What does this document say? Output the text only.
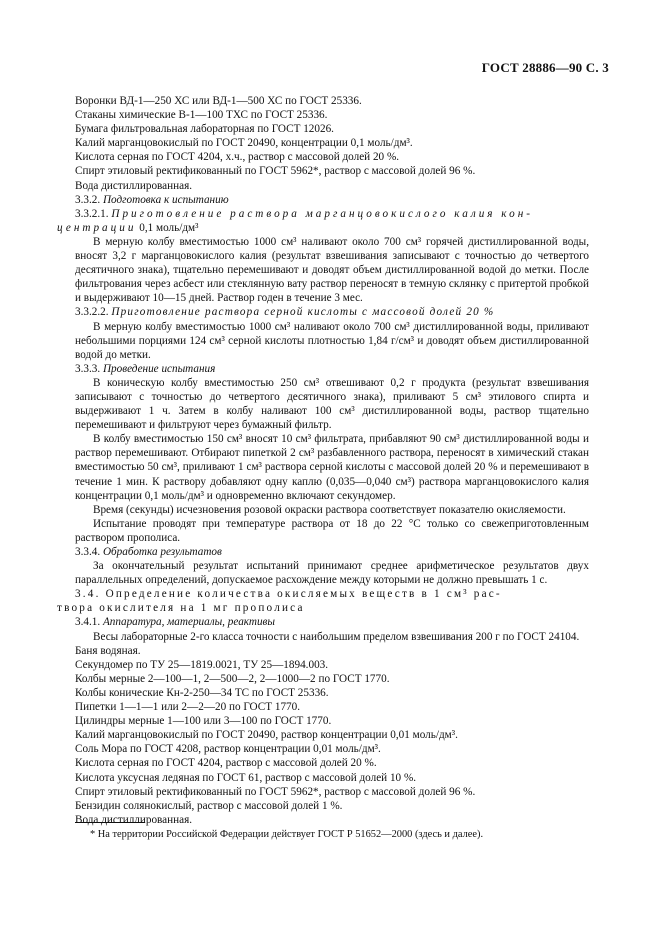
ГОСТ 28886—90 С. 3

Воронки ВД-1—250 ХС или ВД-1—500 ХС по ГОСТ 25336.

Стаканы химические В-1—100 ТХС по ГОСТ 25336.

Бумага фильтровальная лабораторная по ГОСТ 12026.

Калий марганцовокислый по ГОСТ 20490, концентрации 0,1 моль/дм³.

Кислота серная по ГОСТ 4204, х.ч., раствор с массовой долей 20 %.

Спирт этиловый ректификованный по ГОСТ 5962*, раствор с массовой долей 96 %.

Вода дистиллированная.

3.3.2. Подготовка к испытанию

3.3.2.1. Приготовление раствора марганцовокислого калия кон-

центрации 0,1 моль/дм³

В мерную колбу вместимостью 1000 см³ наливают около 700 см³ горячей дистиллированной воды, вносят 3,2 г марганцовокислого калия (результат взвешивания записывают с точностью до четвертого десятичного знака), тщательно перемешивают и доводят объем дистиллированной водой до метки. После фильтрования через асбест или стеклянную вату раствор переносят в темную склянку с притертой пробкой и выдерживают 10—15 дней. Раствор годен в течение 3 мес.

3.3.2.2. Приготовление раствора серной кислоты с массовой долей 20 %

В мерную колбу вместимостью 1000 см³ наливают около 700 см³ дистиллированной воды, приливают небольшими порциями 124 см³ серной кислоты плотностью 1,84 г/см³ и доводят объем дистиллированной водой до метки.

3.3.3. Проведение испытания

В коническую колбу вместимостью 250 см³ отвешивают 0,2 г продукта (результат взвешивания записывают с точностью до четвертого десятичного знака), приливают 5 см³ этилового спирта и выдерживают 1 ч. Затем в колбу наливают 100 см³ дистиллированной воды, раствор тщательно перемешивают и фильтруют через бумажный фильтр.

В колбу вместимостью 150 см³ вносят 10 см³ фильтрата, прибавляют 90 см³ дистиллированной воды и раствор перемешивают. Отбирают пипеткой 2 см³ разбавленного раствора, переносят в химический стакан вместимостью 50 см³, приливают 1 см³ раствора серной кислоты с массовой долей 20 % и перемешивают в течение 1 мин. К раствору добавляют одну каплю (0,035—0,040 см³) раствора марганцовокислого калия концентрации 0,1 моль/дм³ и одновременно включают секундомер.

Время (секунды) исчезновения розовой окраски раствора соответствует показателю окисляемости.

Испытание проводят при температуре раствора от 18 до 22 °С только со свежеприготовленным раствором прополиса.

3.3.4. Обработка результатов

За окончательный результат испытаний принимают среднее арифметическое результатов двух параллельных определений, допускаемое расхождение между которыми не должно превышать 1 с.

3.4. Определение количества окисляемых веществ в 1 см³ рас-

твора окислителя на 1 мг прополиса

3.4.1. Аппаратура, материалы, реактивы

Весы лабораторные 2-го класса точности с наибольшим пределом взвешивания 200 г по ГОСТ 24104.

Баня водяная.

Секундомер по ТУ 25—1819.0021, ТУ 25—1894.003.

Колбы мерные 2—100—1, 2—500—2, 2—1000—2 по ГОСТ 1770.

Колбы конические Кн-2-250—34 ТС по ГОСТ 25336.

Пипетки 1—1—1 или 2—2—20 по ГОСТ 1770.

Цилиндры мерные 1—100 или 3—100 по ГОСТ 1770.

Калий марганцовокислый по ГОСТ 20490, раствор концентрации 0,01 моль/дм³.

Соль Мора по ГОСТ 4208, раствор концентрации 0,01 моль/дм³.

Кислота серная по ГОСТ 4204, раствор с массовой долей 20 %.

Кислота уксусная ледяная по ГОСТ 61, раствор с массовой долей 10 %.

Спирт этиловый ректификованный по ГОСТ 5962*, раствор с массовой долей 96 %.

Бензидин солянокислый, раствор с массовой долей 1 %.

Вода дистиллированная.

* На территории Российской Федерации действует ГОСТ Р 51652—2000 (здесь и далее).
